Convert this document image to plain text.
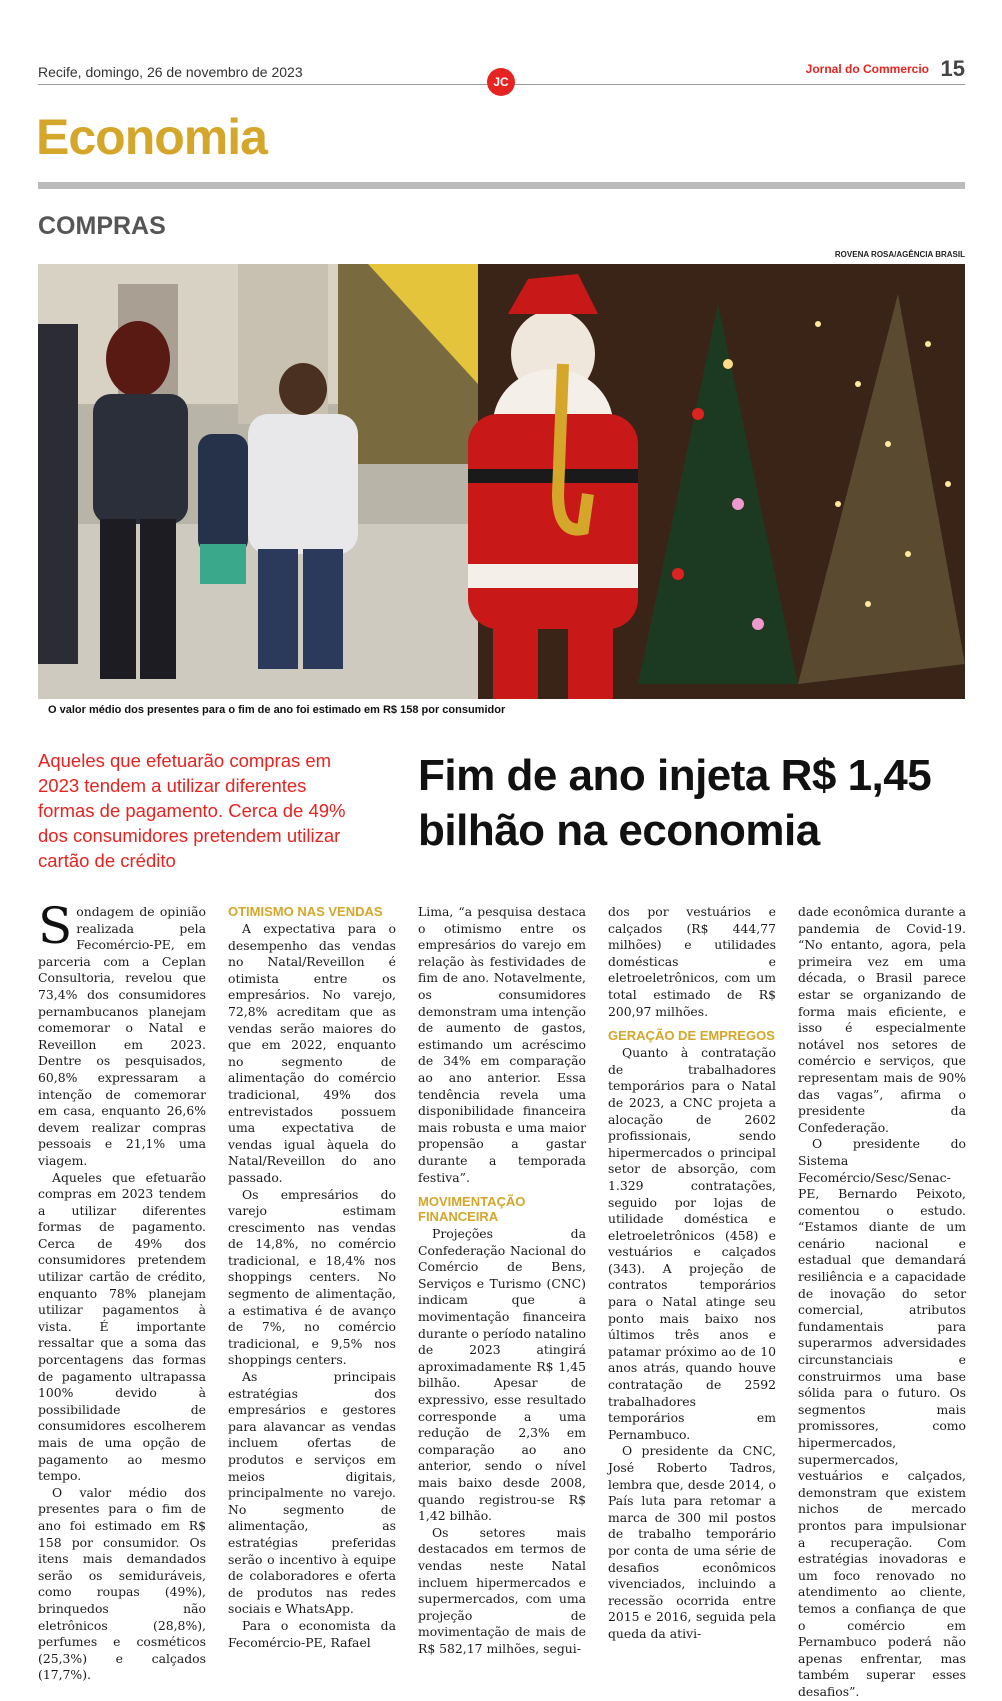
Recife, domingo, 26 de novembro de 2023
JC
Jornal do Commercio 15
Economia
COMPRAS
ROVENA ROSA/AGÊNCIA BRASIL
O valor médio dos presentes para o fim de ano foi estimado em R$ 158 por consumidor
Aqueles que efetuarão compras em 2023 tendem a utilizar diferentes formas de pagamento. Cerca de 49% dos consumidores pretendem utilizar cartão de crédito
Fim de ano injeta R$ 1,45 bilhão na economia

Sondagem de opinião realizada pela Fecomércio-PE, em parceria com a Ceplan Consultoria, revelou que 73,4% dos consumidores pernambucanos planejam comemorar o Natal e Reveillon em 2023. Dentre os pesquisados, 60,8% expressaram a intenção de comemorar em casa, enquanto 26,6% devem realizar compras pessoais e 21,1% uma viagem.

Aqueles que efetuarão compras em 2023 tendem a utilizar diferentes formas de pagamento. Cerca de 49% dos consumidores pretendem utilizar cartão de crédito, enquanto 78% planejam utilizar pagamentos à vista. É importante ressaltar que a soma das porcentagens das formas de pagamento ultrapassa 100% devido à possibilidade de consumidores escolherem mais de uma opção de pagamento ao mesmo tempo.

O valor médio dos presentes para o fim de ano foi estimado em R$ 158 por consumidor. Os itens mais demandados serão os semiduráveis, como roupas (49%), brinquedos não eletrônicos (28,8%), perfumes e cosméticos (25,3%) e calçados (17,7%).

OTIMISMO NAS VENDAS

A expectativa para o desempenho das vendas no Natal/Reveillon é otimista entre os empresários. No varejo, 72,8% acreditam que as vendas serão maiores do que em 2022, enquanto no segmento de alimentação do comércio tradicional, 49% dos entrevistados possuem uma expectativa de vendas igual àquela do Natal/Reveillon do ano passado.

Os empresários do varejo estimam crescimento nas vendas de 14,8%, no comércio tradicional, e 18,4% nos shoppings centers. No segmento de alimentação, a estimativa é de avanço de 7%, no comércio tradicional, e 9,5% nos shoppings centers.

As principais estratégias dos empresários e gestores para alavancar as vendas incluem ofertas de produtos e serviços em meios digitais, principalmente no varejo. No segmento de alimentação, as estratégias preferidas serão o incentivo à equipe de colaboradores e oferta de produtos nas redes sociais e WhatsApp.

Para o economista da Fecomércio-PE, Rafael

Lima, “a pesquisa destaca o otimismo entre os empresários do varejo em relação às festividades de fim de ano. Notavelmente, os consumidores demonstram uma intenção de aumento de gastos, estimando um acréscimo de 34% em comparação ao ano anterior. Essa tendência revela uma disponibilidade financeira mais robusta e uma maior propensão a gastar durante a temporada festiva”.

MOVIMENTAÇÃO FINANCEIRA

Projeções da Confederação Nacional do Comércio de Bens, Serviços e Turismo (CNC) indicam que a movimentação financeira durante o período natalino de 2023 atingirá aproximadamente R$ 1,45 bilhão. Apesar de expressivo, esse resultado corresponde a uma redução de 2,3% em comparação ao ano anterior, sendo o nível mais baixo desde 2008, quando registrou-se R$ 1,42 bilhão.

Os setores mais destacados em termos de vendas neste Natal incluem hipermercados e supermercados, com uma projeção de movimentação de mais de R$ 582,17 milhões, segui-

dos por vestuários e calçados (R$ 444,77 milhões) e utilidades domésticas e eletroeletrônicos, com um total estimado de R$ 200,97 milhões.

GERAÇÃO DE EMPREGOS

Quanto à contratação de trabalhadores temporários para o Natal de 2023, a CNC projeta a alocação de 2602 profissionais, sendo hipermercados o principal setor de absorção, com 1.329 contratações, seguido por lojas de utilidade doméstica e eletroeletrônicos (458) e vestuários e calçados (343). A projeção de contratos temporários para o Natal atinge seu ponto mais baixo nos últimos três anos e patamar próximo ao de 10 anos atrás, quando houve contratação de 2592 trabalhadores temporários em Pernambuco.

O presidente da CNC, José Roberto Tadros, lembra que, desde 2014, o País luta para retomar a marca de 300 mil postos de trabalho temporário por conta de uma série de desafios econômicos vivenciados, incluindo a recessão ocorrida entre 2015 e 2016, seguida pela queda da ativi-

dade econômica durante a pandemia de Covid-19. “No entanto, agora, pela primeira vez em uma década, o Brasil parece estar se organizando de forma mais eficiente, e isso é especialmente notável nos setores de comércio e serviços, que representam mais de 90% das vagas”, afirma o presidente da Confederação.

O presidente do Sistema Fecomércio/Sesc/Senac-PE, Bernardo Peixoto, comentou o estudo. “Estamos diante de um cenário nacional e estadual que demandará resiliência e a capacidade de inovação do setor comercial, atributos fundamentais para superarmos adversidades circunstanciais e construirmos uma base sólida para o futuro. Os segmentos mais promissores, como hipermercados, supermercados, vestuários e calçados, demonstram que existem nichos de mercado prontos para impulsionar a recuperação. Com estratégias inovadoras e um foco renovado no atendimento ao cliente, temos a confiança de que o comércio em Pernambuco poderá não apenas enfrentar, mas também superar esses desafios”.
